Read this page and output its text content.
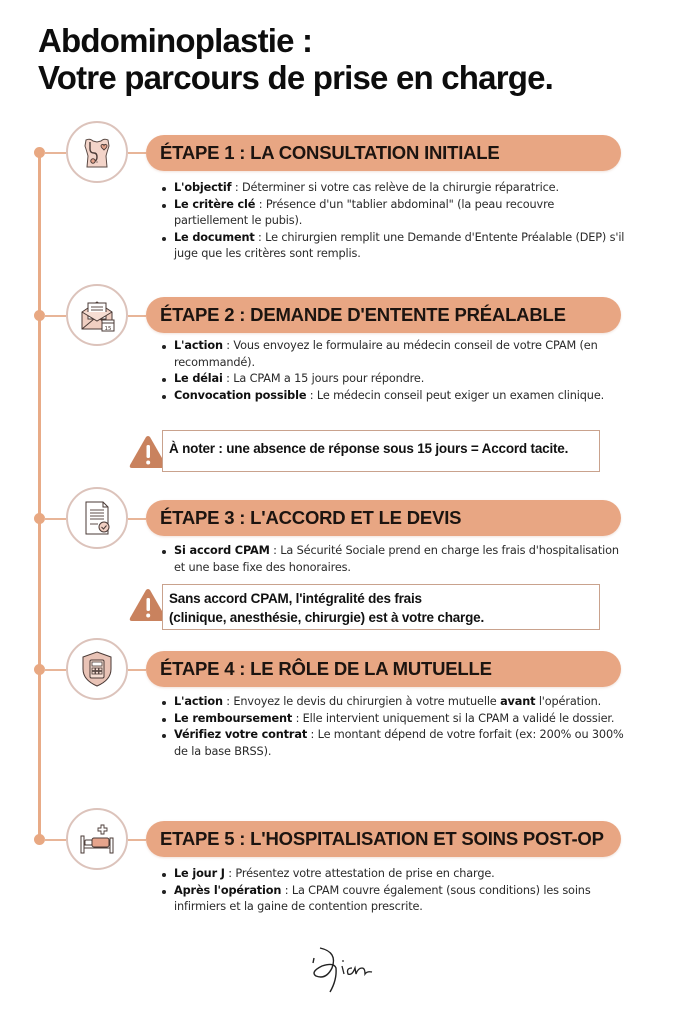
Abdominoplastie :
Votre parcours de prise en charge.
ÉTAPE 1 : LA CONSULTATION INITIALE
L'objectif : Déterminer si votre cas relève de la chirurgie réparatrice.
Le critère clé : Présence d'un "tablier abdominal" (la peau recouvre partiellement le pubis).
Le document : Le chirurgien remplit une Demande d'Entente Préalable (DEP) s'il juge que les critères sont remplis.
15
ÉTAPE 2 : DEMANDE D'ENTENTE PRÉALABLE
L'action : Vous envoyez le formulaire au médecin conseil de votre CPAM (en recommandé).
Le délai : La CPAM a 15 jours pour répondre.
Convocation possible : Le médecin conseil peut exiger un examen clinique.
À noter : une absence de réponse sous 15 jours = Accord tacite.
ÉTAPE 3 : L'ACCORD ET LE DEVIS
Si accord CPAM : La Sécurité Sociale prend en charge les frais d'hospitalisation et une base fixe des honoraires.
Sans accord CPAM, l'intégralité des frais
(clinique, anesthésie, chirurgie) est à votre charge.
ÉTAPE 4 : LE RÔLE DE LA MUTUELLE
L'action : Envoyez le devis du chirurgien à votre mutuelle avant l'opération.
Le remboursement : Elle intervient uniquement si la CPAM a validé le dossier.
Vérifiez votre contrat : Le montant dépend de votre forfait (ex: 200% ou 300% de la base BRSS).
ETAPE 5 : L'HOSPITALISATION ET SOINS POST-OP
Le jour J : Présentez votre attestation de prise en charge.
Après l'opération : La CPAM couvre également (sous conditions) les soins infirmiers et la gaine de contention prescrite.
